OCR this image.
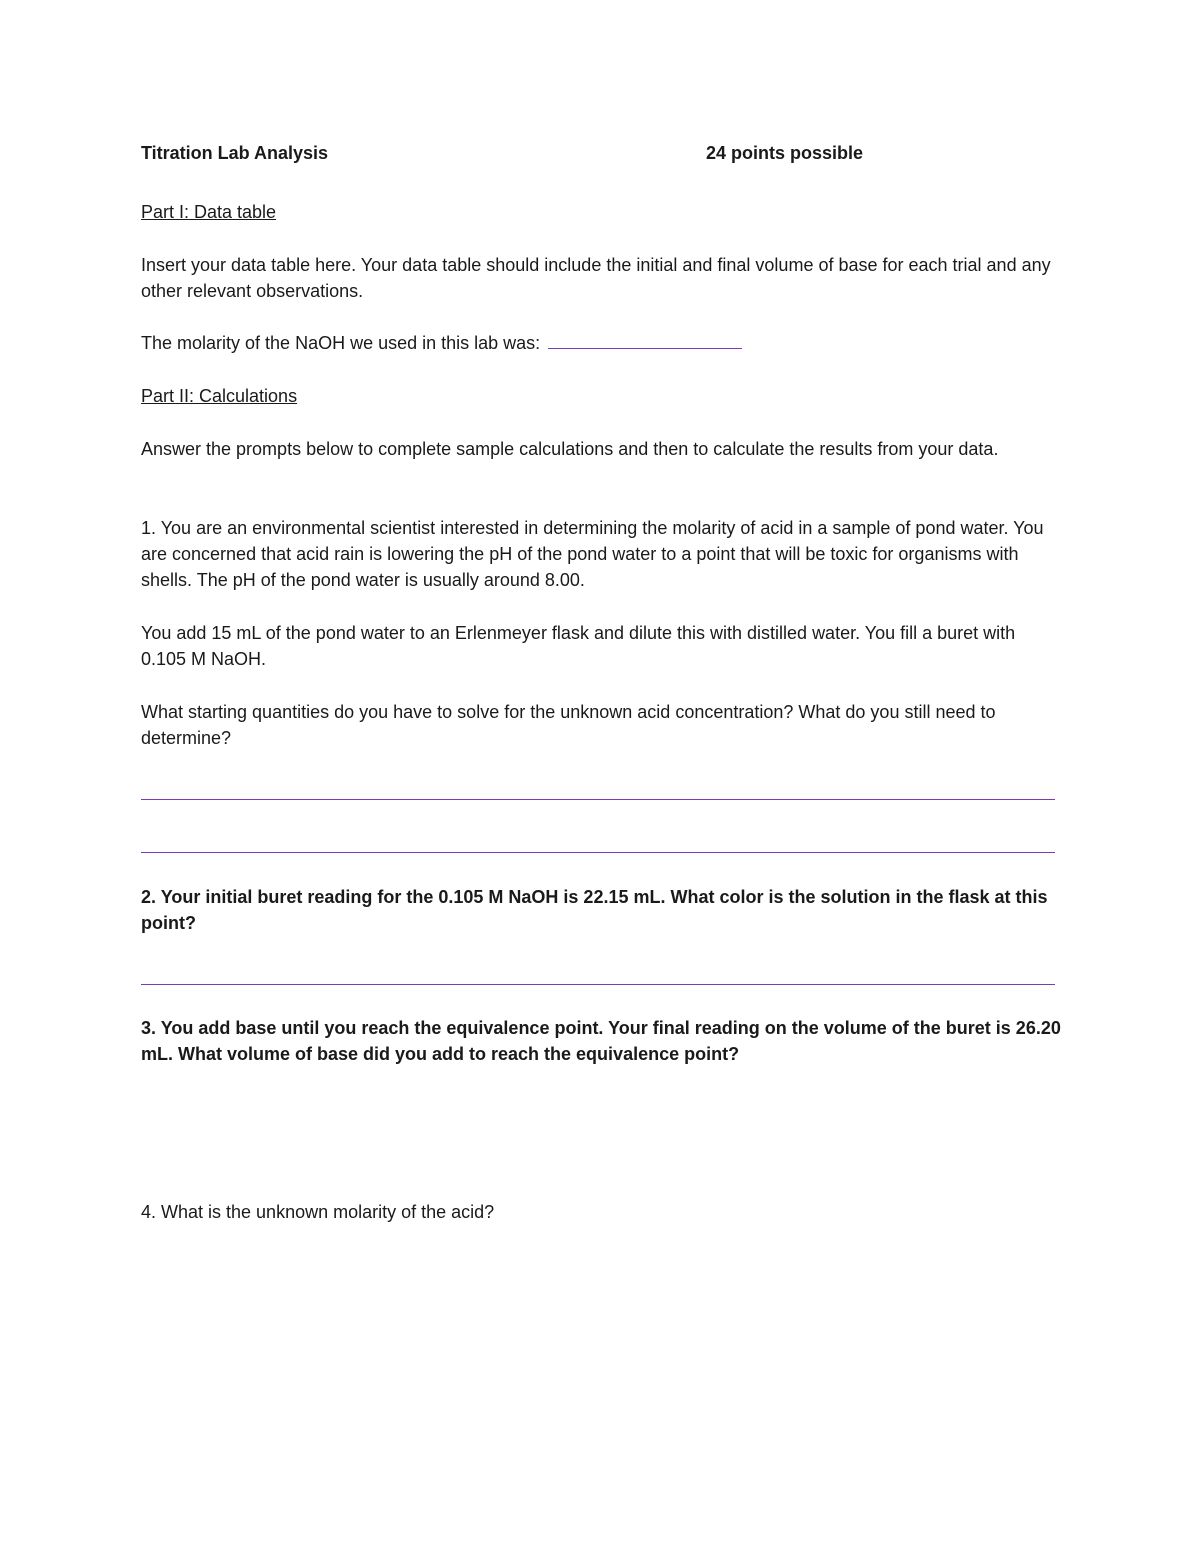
Titration Lab Analysis	24 points possible

Part I: Data table

Insert your data table here. Your data table should include the initial and final volume of base for each trial and any other relevant observations.

The molarity of the NaOH we used in this lab was:

Part II: Calculations

Answer the prompts below to complete sample calculations and then to calculate the results from your data.

1. You are an environmental scientist interested in determining the molarity of acid in a sample of pond water. You are concerned that acid rain is lowering the pH of the pond water to a point that will be toxic for organisms with shells. The pH of the pond water is usually around 8.00.

You add 15 mL of the pond water to an Erlenmeyer flask and dilute this with distilled water. You fill a buret with 0.105 M NaOH.

What starting quantities do you have to solve for the unknown acid concentration? What do you still need to determine?

2. Your initial buret reading for the 0.105 M NaOH is 22.15 mL. What color is the solution in the flask at this point?

3. You add base until you reach the equivalence point. Your final reading on the volume of the buret is 26.20 mL. What volume of base did you add to reach the equivalence point?

4. What is the unknown molarity of the acid?
